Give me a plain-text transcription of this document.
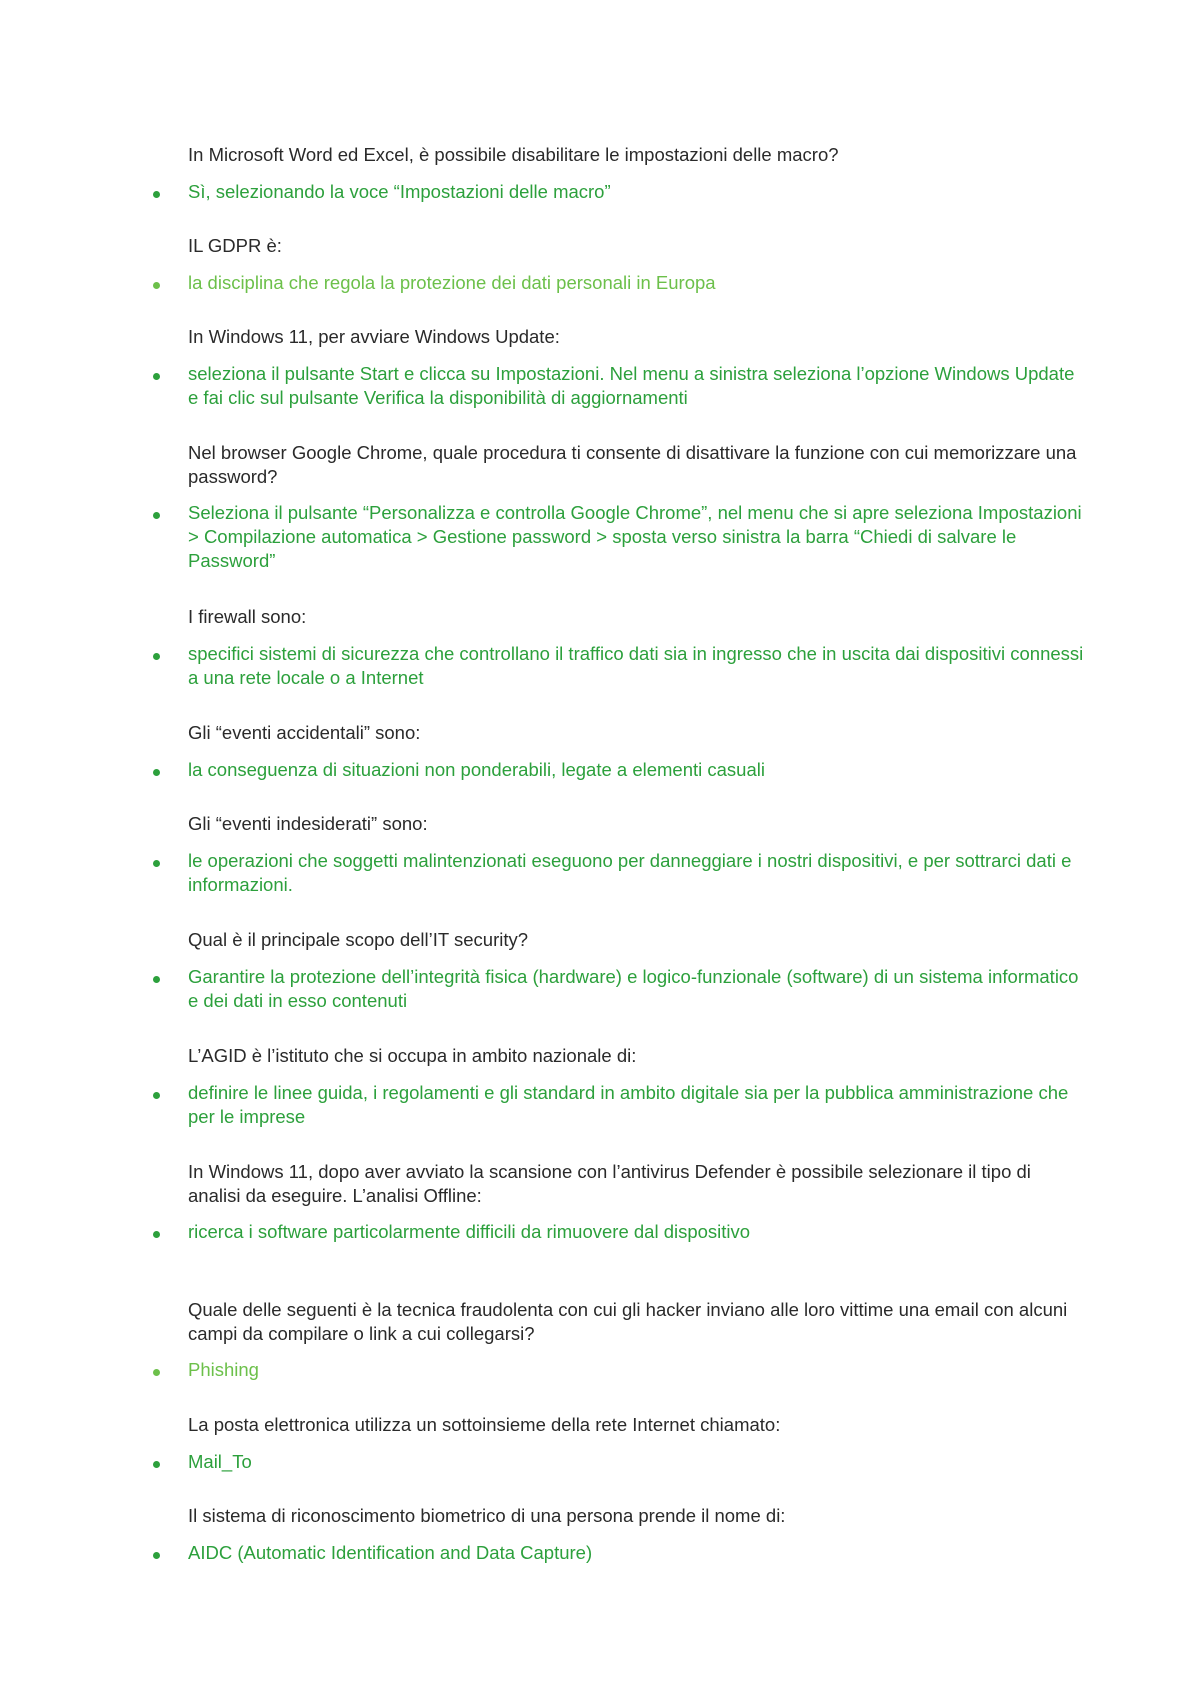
In Microsoft Word ed Excel, è possibile disabilitare le impostazioni delle macro?

Sì, selezionando la voce “Impostazioni delle macro”

IL GDPR è:

la disciplina che regola la protezione dei dati personali in Europa

In Windows 11, per avviare Windows Update:

seleziona il pulsante Start e clicca su Impostazioni. Nel menu a sinistra seleziona l’opzione Windows Update e fai clic sul pulsante Verifica la disponibilità di aggiornamenti

Nel browser Google Chrome, quale procedura ti consente di disattivare la funzione con cui memorizzare una password?

Seleziona il pulsante “Personalizza e controlla Google Chrome”, nel menu che si apre seleziona Impostazioni > Compilazione automatica > Gestione password > sposta verso sinistra la barra “Chiedi di salvare le Password”

I firewall sono:

specifici sistemi di sicurezza che controllano il traffico dati sia in ingresso che in uscita dai dispositivi connessi a una rete locale o a Internet

Gli “eventi accidentali” sono:

la conseguenza di situazioni non ponderabili, legate a elementi casuali

Gli “eventi indesiderati” sono:

le operazioni che soggetti malintenzionati eseguono per danneggiare i nostri dispositivi, e per sottrarci dati e informazioni.

Qual è il principale scopo dell’IT security?

Garantire la protezione dell’integrità fisica (hardware) e logico-funzionale (software) di un sistema informatico e dei dati in esso contenuti

L’AGID è l’istituto che si occupa in ambito nazionale di:

definire le linee guida, i regolamenti e gli standard in ambito digitale sia per la pubblica amministrazione che per le imprese

In Windows 11, dopo aver avviato la scansione con l’antivirus Defender è possibile selezionare il tipo di analisi da eseguire. L’analisi Offline:

ricerca i software particolarmente difficili da rimuovere dal dispositivo

Quale delle seguenti è la tecnica fraudolenta con cui gli hacker inviano alle loro vittime una email con alcuni campi da compilare o link a cui collegarsi?

Phishing

La posta elettronica utilizza un sottoinsieme della rete Internet chiamato:

Mail_To

Il sistema di riconoscimento biometrico di una persona prende il nome di:

AIDC (Automatic Identification and Data Capture)
